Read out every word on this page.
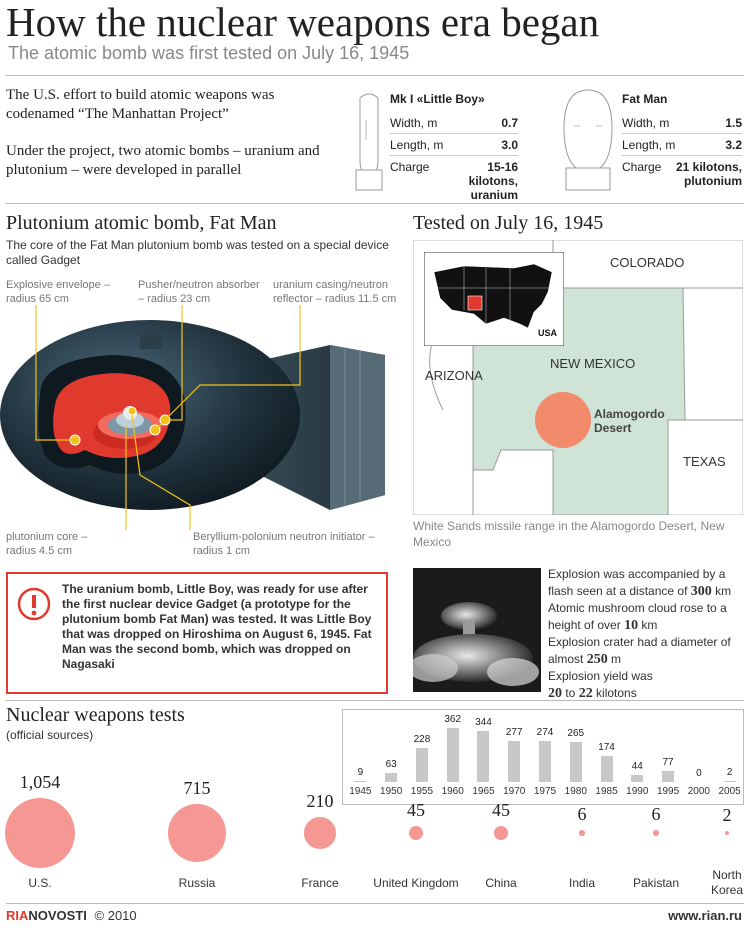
How the nuclear weapons era began
The atomic bomb was first tested on July 16, 1945
The U.S. effort to build atomic weapons was codenamed “The Manhattan Project”
Under the project, two atomic bombs – uranium and plutonium – were developed in parallel
Mk I «Little Boy»
Width, m	0.7
Length, m	3.0
Charge	15-16 kilotons, uranium
Fat Man
Width, m	1.5
Length, m	3.2
Charge	21 kilotons, plutonium
Plutonium atomic bomb, Fat Man
The core of the Fat Man plutonium bomb was tested on a special device called Gadget
Explosive envelope – radius 65 cm
Pusher/neutron absorber – radius 23 cm
uranium casing/neutron reflector – radius 11.5 cm
plutonium core – radius 4.5 cm
Beryllium-polonium neutron initiator – radius 1 cm
The uranium bomb, Little Boy, was ready for use after the first nuclear device Gadget (a prototype for the plutonium bomb Fat Man) was tested. It was Little Boy that was dropped on Hiroshima on August 6, 1945. Fat Man was the second bomb, which was dropped on Nagasaki
Tested on July 16, 1945
USA
COLORADO
ARIZONA
NEW MEXICO
TEXAS
Alamogordo Desert
White Sands missile range in the Alamogordo Desert, New Mexico
Explosion was accompanied by a flash seen at a distance of 300 km
Atomic mushroom cloud rose to a height of over 10 km
Explosion crater had a diameter of almost 250 m
Explosion yield was
20 to 22 kilotons
Nuclear weapons tests
(official sources)
9
1945
63
1950
228
1955
362
1960
344
1965
277
1970
274
1975
265
1980
174
1985
44
1990
77
1995
0
2000
2
2005
1,054
U.S.
715
Russia
210
France
45
United Kingdom
45
China
6
India
6
Pakistan
2
North Korea
RIANOVOSTI © 2010	www.rian.ru
